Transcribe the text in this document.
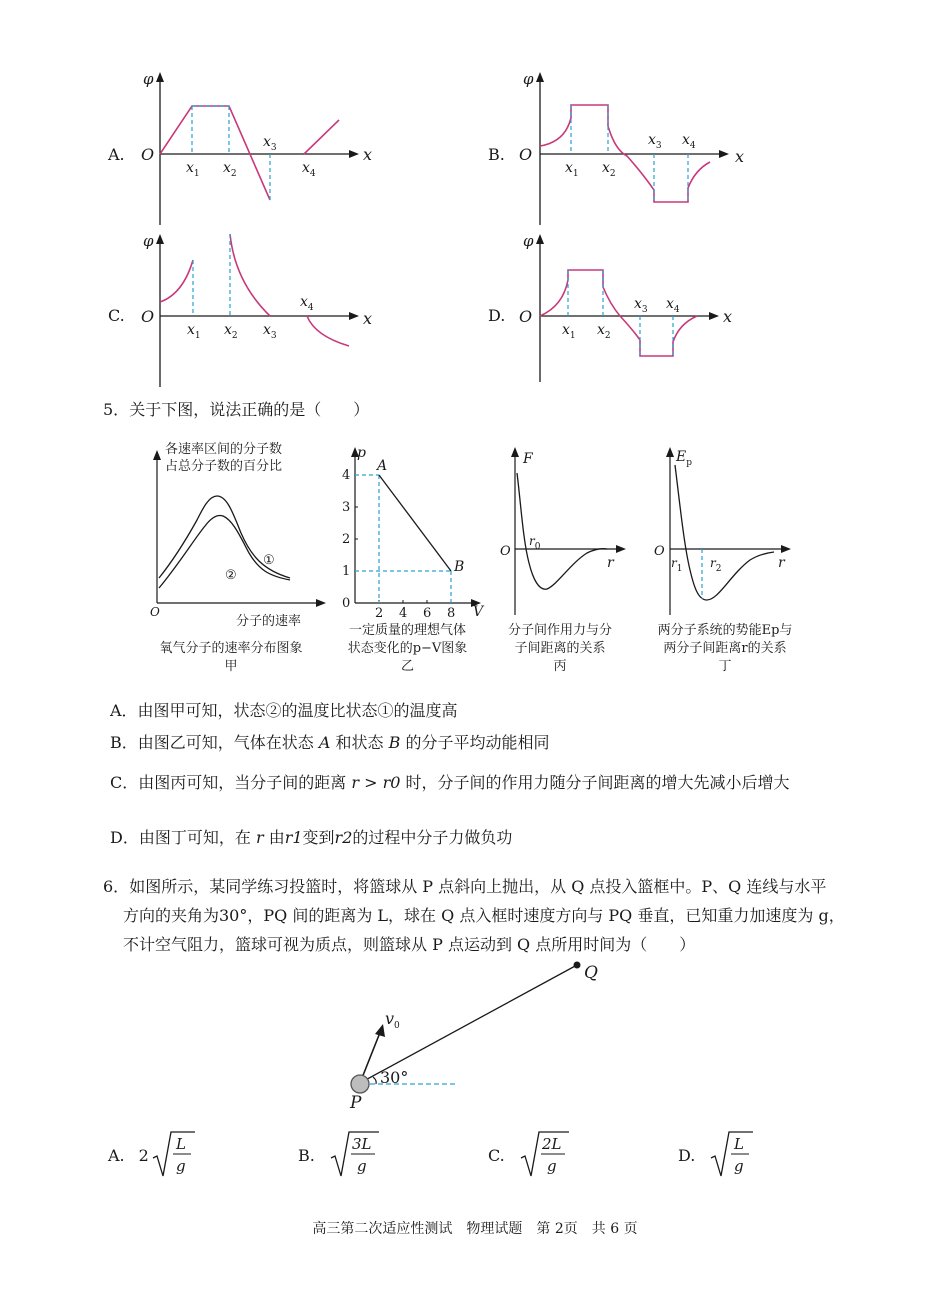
A.
φ
O	x
$x_1$ $x_2$
$x_3$
$x_4$
B.
φ
O	x
$x_1$ $x_2$
$x_3$ $x_4$
C.
φ
O	x
$x_1$ $x_2$ $x_3$
$x_4$	D.
φ
O	x
$x_1$ $x_2$
$x_3$ $x_4$
5．关于下图，说法正确的是（　　）
O
①
②
各速率区间的分子数
占总分子数的百分比
分子的速率
氧气分子的速率分布图象
甲
p
V
A
B
0
1
2
3
4
2 4 6 8
一定质量的理想气体
状态变化的p−V图象
乙
F
O
r
$r_0$
分子间作用力与分
子间距离的关系
丙
$E_p$
O
r
$r_1$ $r_2$
两分子系统的势能Ep与
两分子间距离r的关系
丁
A．由图甲可知，状态②的温度比状态①的温度高
B．由图乙可知，气体在状态 A 和状态 B 的分子平均动能相同
C．由图丙可知，当分子间的距离 r > r0 时，分子间的作用力随分子间距离的增大先减小后增大
D．由图丁可知，在 r 由r1变到r2的过程中分子力做负功
6．如图所示，某同学练习投篮时，将篮球从 P 点斜向上抛出，从 Q 点投入篮框中。P、Q 连线与水平
方向的夹角为30°，PQ 间的距离为 L，球在 Q 点入框时速度方向与 PQ 垂直，已知重力加速度为 g，
不计空气阻力，篮球可视为质点，则篮球从 P 点运动到 Q 点所用时间为（　　）
P
Q
$v_0$
30°
A. 2
L
g
B.
3L
g
C.
2L
g
D.
L
g
高三第二次适应性测试　物理试题　第 2页　共 6 页
